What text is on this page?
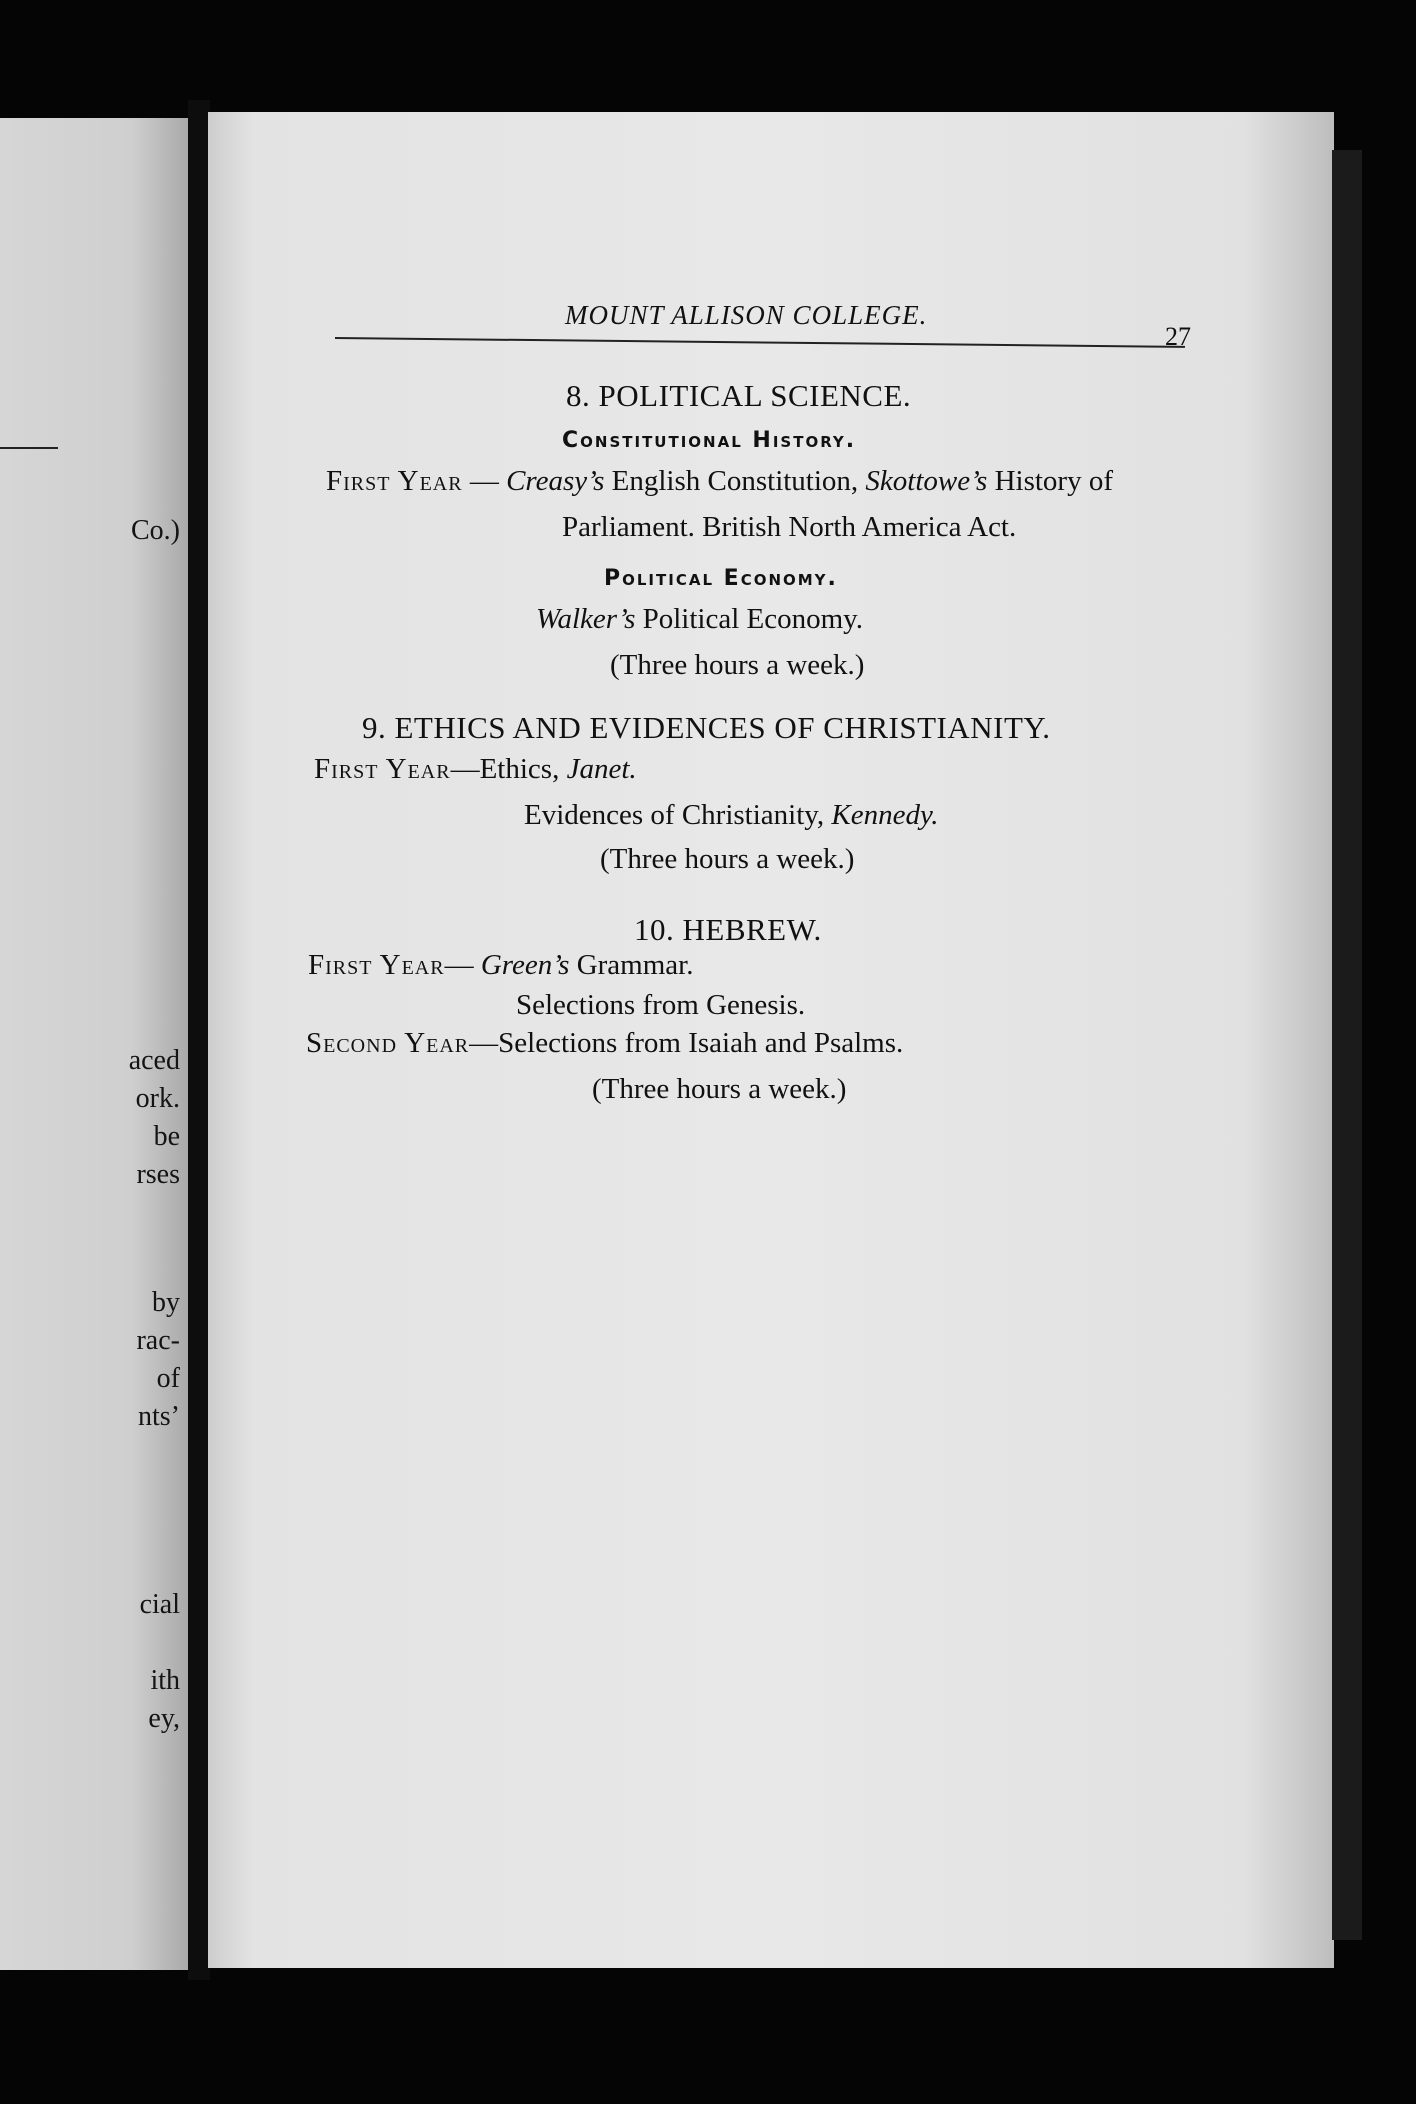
Co.)
aced
ork.
be
rses
by
rac-
of
nts’
cial
ith
ey,
MOUNT ALLISON COLLEGE.
27
8. POLITICAL SCIENCE.
Constitutional History.
First Year — Creasy’s English Constitution, Skottowe’s History of
Parliament. British North America Act.
Political Economy.
Walker’s Political Economy.
(Three hours a week.)
9. ETHICS AND EVIDENCES OF CHRISTIANITY.
First Year—Ethics, Janet.
Evidences of Christianity, Kennedy.
(Three hours a week.)
10. HEBREW.
First Year— Green’s Grammar.
Selections from Genesis.
Second Year—Selections from Isaiah and Psalms.
(Three hours a week.)
